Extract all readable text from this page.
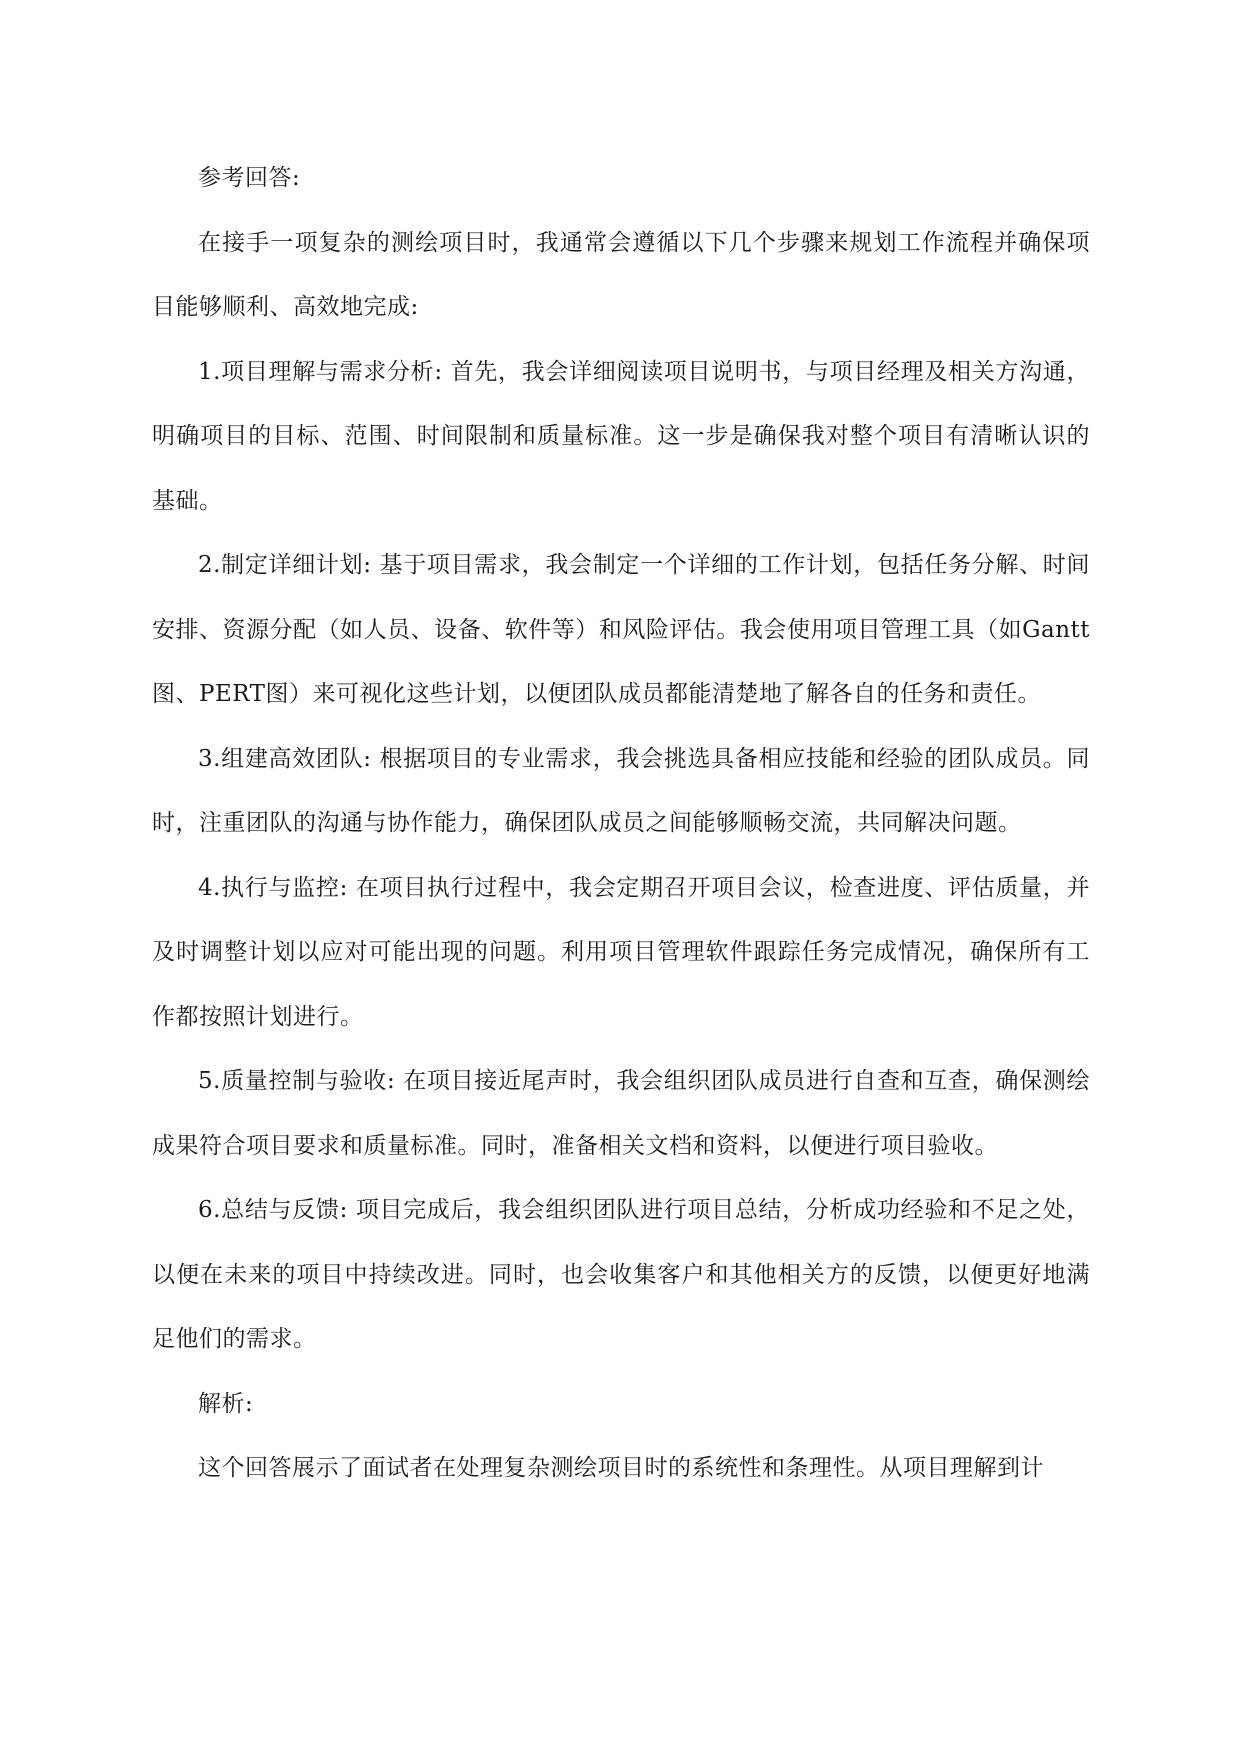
参考回答:

在接手一项复杂的测绘项目时，我通常会遵循以下几个步骤来规划工作流程并确保项目能够顺利、高效地完成:

1.项目理解与需求分析: 首先，我会详细阅读项目说明书，与项目经理及相关方沟通，明确项目的目标、范围、时间限制和质量标准。这一步是确保我对整个项目有清晰认识的基础。

2.制定详细计划: 基于项目需求，我会制定一个详细的工作计划，包括任务分解、时间安排、资源分配（如人员、设备、软件等）和风险评估。我会使用项目管理工具（如Gantt图、PERT图）来可视化这些计划，以便团队成员都能清楚地了解各自的任务和责任。

3.组建高效团队: 根据项目的专业需求，我会挑选具备相应技能和经验的团队成员。同时，注重团队的沟通与协作能力，确保团队成员之间能够顺畅交流，共同解决问题。

4.执行与监控: 在项目执行过程中，我会定期召开项目会议，检查进度、评估质量，并及时调整计划以应对可能出现的问题。利用项目管理软件跟踪任务完成情况，确保所有工作都按照计划进行。

5.质量控制与验收: 在项目接近尾声时，我会组织团队成员进行自查和互查，确保测绘成果符合项目要求和质量标准。同时，准备相关文档和资料，以便进行项目验收。

6.总结与反馈: 项目完成后，我会组织团队进行项目总结，分析成功经验和不足之处，以便在未来的项目中持续改进。同时，也会收集客户和其他相关方的反馈，以便更好地满足他们的需求。

解析:

这个回答展示了面试者在处理复杂测绘项目时的系统性和条理性。从项目理解到计
